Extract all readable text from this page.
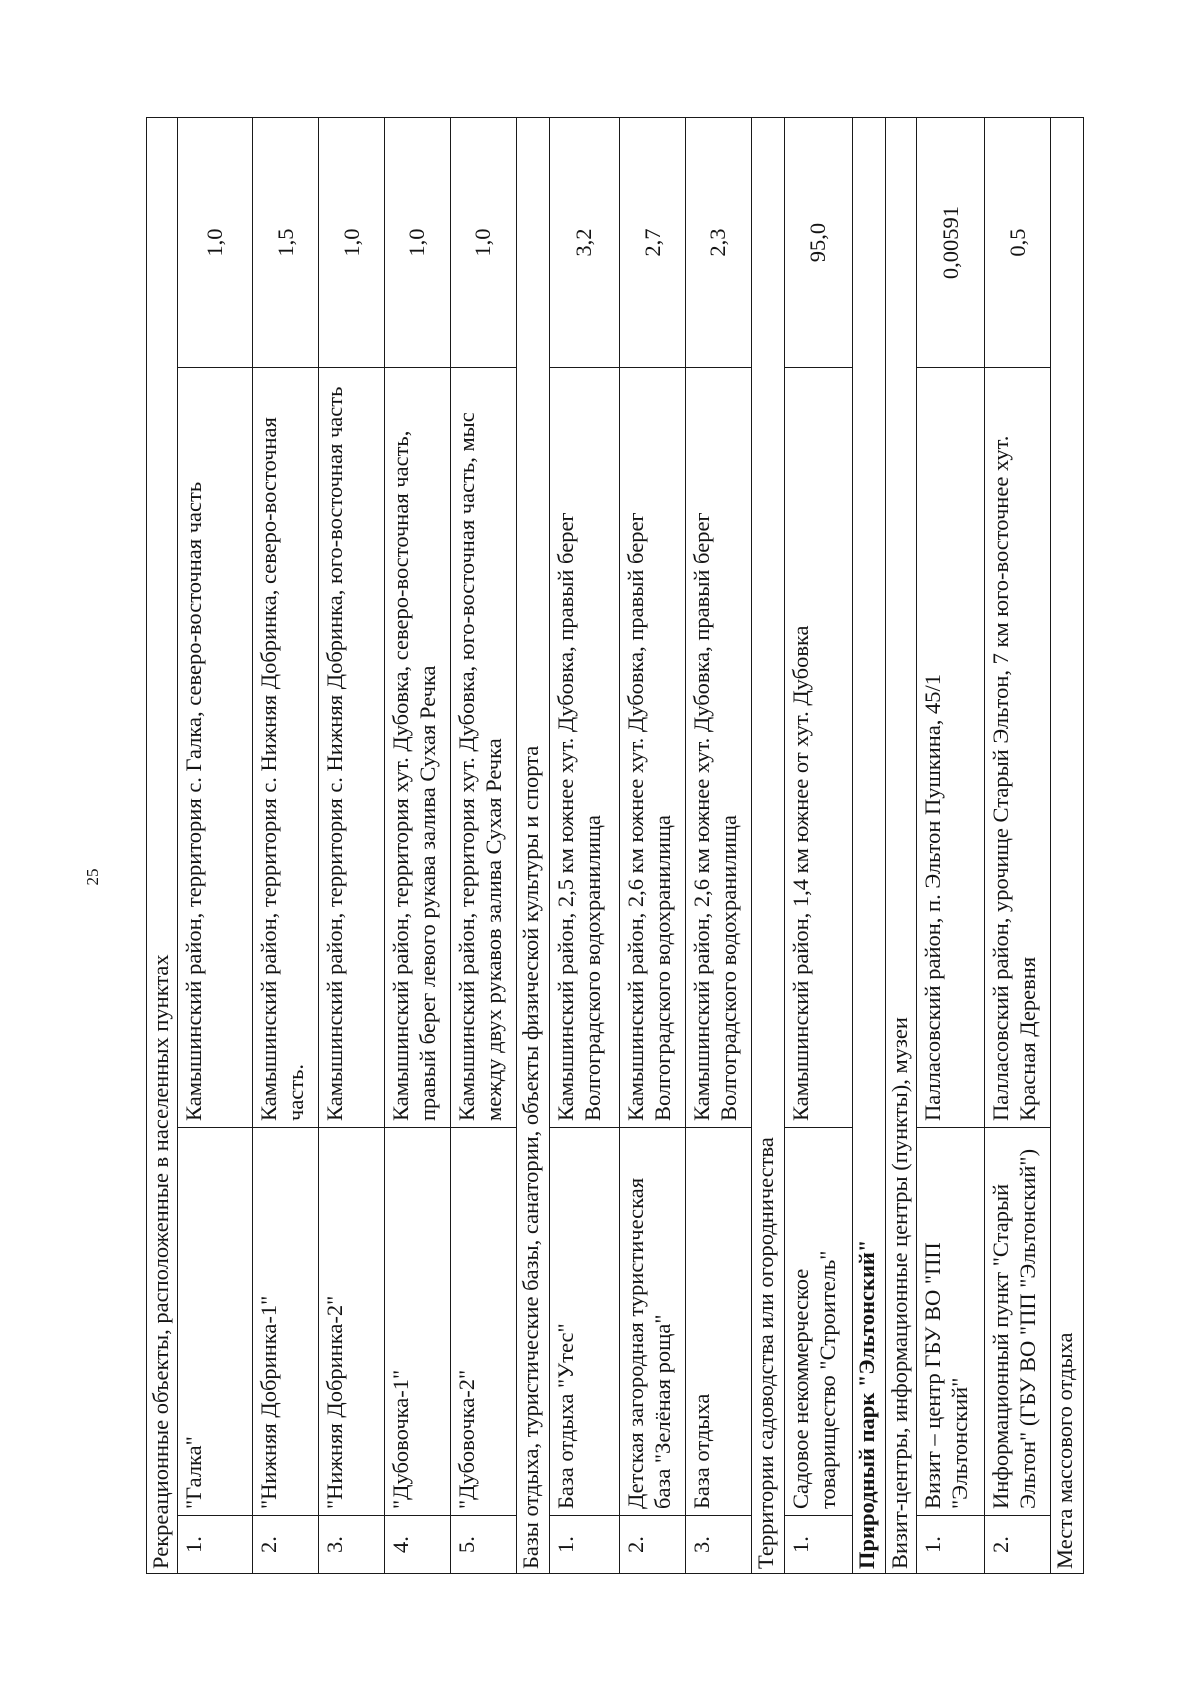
25
Рекреационные объекты, расположенные в населенных пунктах			
1.	"Галка"	Камышинский район, территория с. Галка, северо-восточная часть	1,0
2.	"Нижняя Добринка-1"	Камышинский район, территория с. Нижняя Добринка, северо-восточная часть.	1,5
3.	"Нижняя Добринка-2"	Камышинский район, территория с. Нижняя Добринка, юго-восточная часть	1,0
4.	"Дубовочка-1"	Камышинский район, территория хут. Дубовка, северо-восточная часть, правый берег левого рукава залива Сухая Речка	1,0
5.	"Дубовочка-2"	Камышинский район, территория хут. Дубовка, юго-восточная часть, мыс между двух рукавов залива Сухая Речка	1,0
Базы отдыха, туристические базы, санатории, объекты физической культуры и спорта			
1.	База отдыха "Утес"	Камышинский район, 2,5 км южнее хут. Дубовка, правый берег Волгоградского водохранилища	3,2
2.	Детская загородная туристическая база "Зелёная роща"	Камышинский район, 2,6 км южнее хут. Дубовка, правый берег Волгоградского водохранилища	2,7
3.	База отдыха	Камышинский район, 2,6 км южнее хут. Дубовка, правый берег Волгоградского водохранилища	2,3
Территории садоводства или огородничества			
1.	Садовое некоммерческое товарищество "Строитель"	Камышинский район, 1,4 км южнее от хут. Дубовка	95,0
Природный парк "Эльтонский"			
Визит-центры, информационные центры (пункты), музеи			
1.	Визит – центр ГБУ ВО "ПП "Эльтонский"	Палласовский район, п. Эльтон Пушкина, 45/1	0,00591
2.	Информационный пункт "Старый Эльтон" (ГБУ ВО "ПП "Эльтонский")	Палласовский район, урочище Старый Эльтон, 7 км юго-восточнее хут. Красная Деревня	0,5
Места массового отдыха			
